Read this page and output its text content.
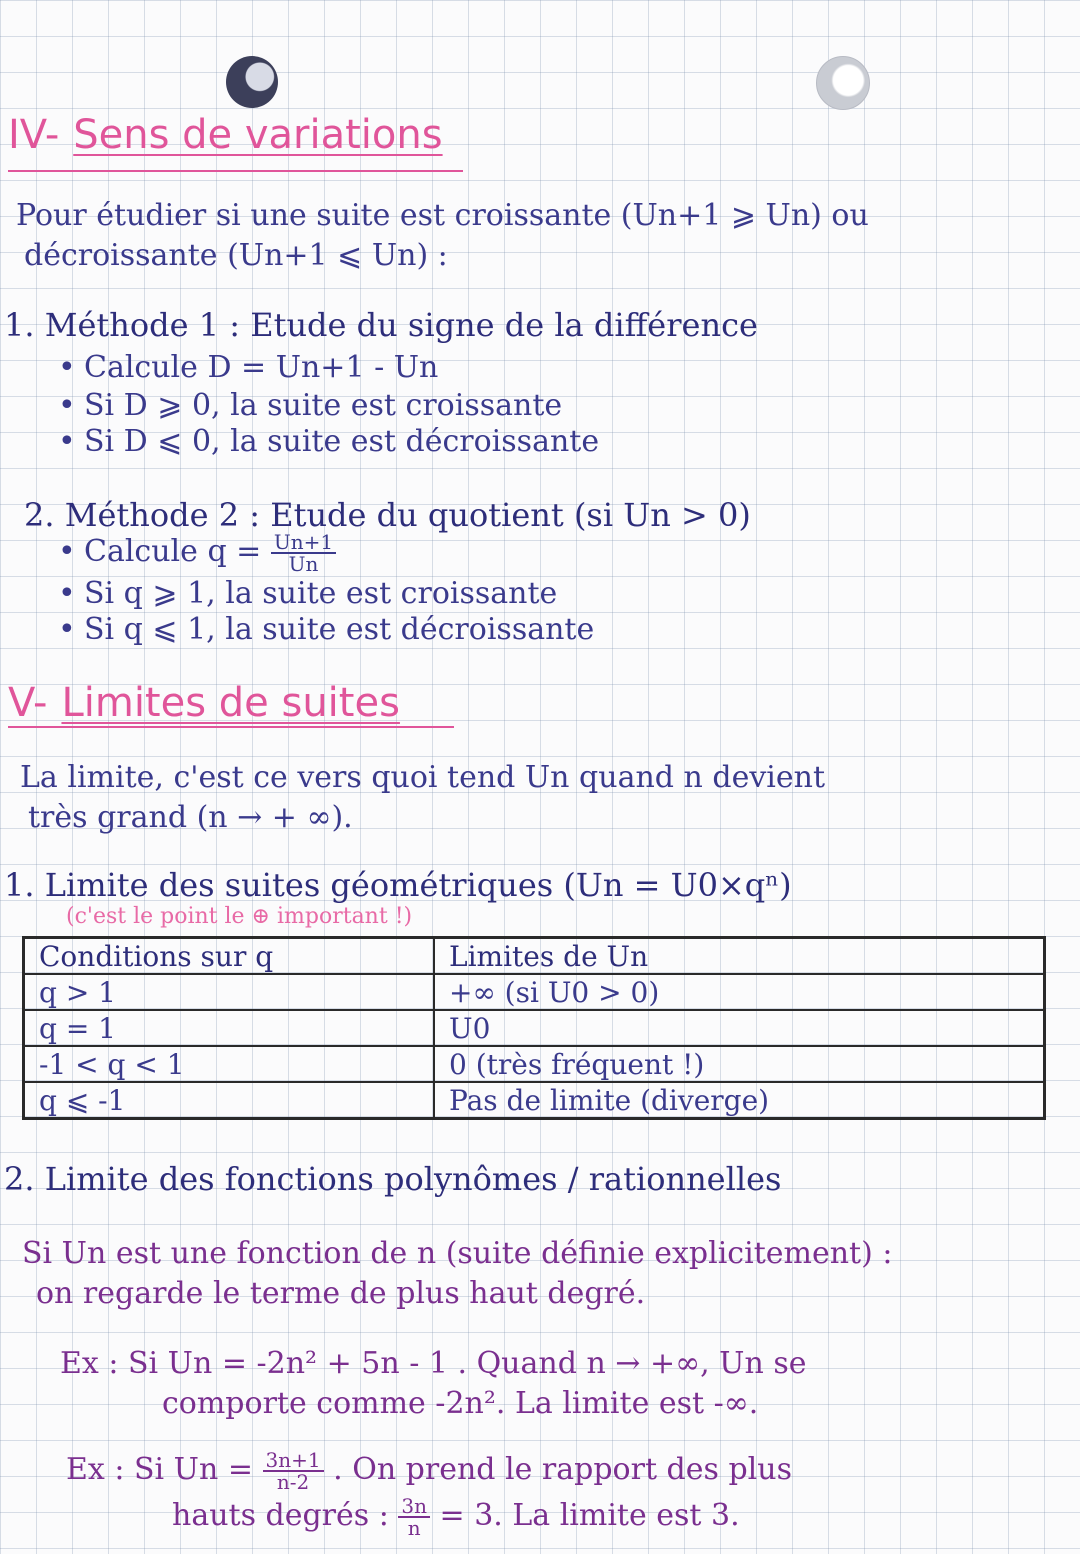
IV- Sens de variations
Pour étudier si une suite est croissante (Un+1 ⩾ Un) ou
décroissante (Un+1 ⩽ Un) :
1. Méthode 1 : Etude du signe de la différence
• Calcule D = Un+1 - Un
• Si D ⩾ 0, la suite est croissante
• Si D ⩽ 0, la suite est décroissante
2. Méthode 2 : Etude du quotient (si Un > 0)
• Calcule $q = \frac{Un+1}{Un}$
• Si q ⩾ 1, la suite est croissante
• Si q ⩽ 1, la suite est décroissante
V- Limites de suites
La limite, c'est ce vers quoi tend Un quand n devient
très grand (n → + ∞).
1. Limite des suites géométriques (Un = U0×qⁿ)
(c'est le point le ⊕ important !)
Conditions sur q	Limites de Un
q > 1	+∞ (si U0 > 0)
q = 1	U0
-1 < q < 1	0 (très fréquent !)
q ⩽ -1	Pas de limite (diverge)
2. Limite des fonctions polynômes / rationnelles
Si Un est une fonction de n (suite définie explicitement) :
on regarde le terme de plus haut degré.
Ex : Si Un = -2n² + 5n - 1 . Quand n → +∞, Un se
comporte comme -2n². La limite est -∞.
Ex : Si $Un = \frac{3n+1}{n-2}$ . On prend le rapport des plus
hauts degrés : $\frac{3n}{n} = 3$. La limite est 3.
